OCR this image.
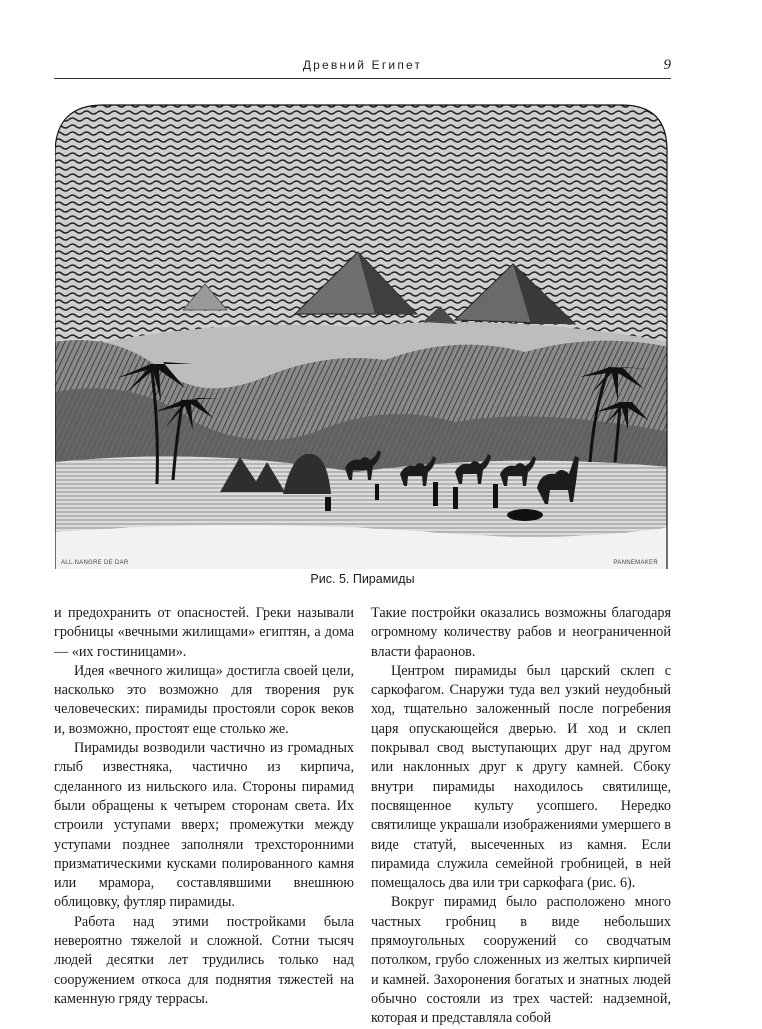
Древний Египет	9
ALL.NANGRE DE DAR	PANNEMAKER
Рис. 5. Пирамиды

и предохранить от опасностей. Греки называли гробницы «вечными жилищами» египтян, а дома — «их гостиницами».

Идея «вечного жилища» достигла своей цели, насколько это возможно для творения рук человеческих: пирамиды простояли сорок веков и, возможно, простоят еще столько же.

Пирамиды возводили частично из громадных глыб известняка, частично из кирпича, сделанного из нильского ила. Стороны пирамид были обращены к четырем сторонам света. Их строили уступами вверх; промежутки между уступами позднее заполняли трехсторонними призматическими кусками полированного камня или мрамора, составлявшими внешнюю облицовку, футляр пирамиды.

Работа над этими постройками была невероятно тяжелой и сложной. Сотни тысяч людей десятки лет трудились только над сооружением откоса для поднятия тяжестей на каменную гряду террасы.

Такие постройки оказались возможны благодаря огромному количеству рабов и неограниченной власти фараонов.

Центром пирамиды был царский склеп с саркофагом. Снаружи туда вел узкий неудобный ход, тщательно заложенный после погребения царя опускающейся дверью. И ход и склеп покрывал свод выступающих друг над другом или наклонных друг к другу камней. Сбоку внутри пирамиды находилось святилище, посвященное культу усопшего. Нередко святилище украшали изображениями умершего в виде статуй, высеченных из камня. Если пирамида служила семейной гробницей, в ней помещалось два или три саркофага (рис. 6).

Вокруг пирамид было расположено много частных гробниц в виде небольших прямоугольных сооружений со сводчатым потолком, грубо сложенных из желтых кирпичей и камней. Захоронения богатых и знатных людей обычно состояли из трех частей: надземной, которая и представляла собой
